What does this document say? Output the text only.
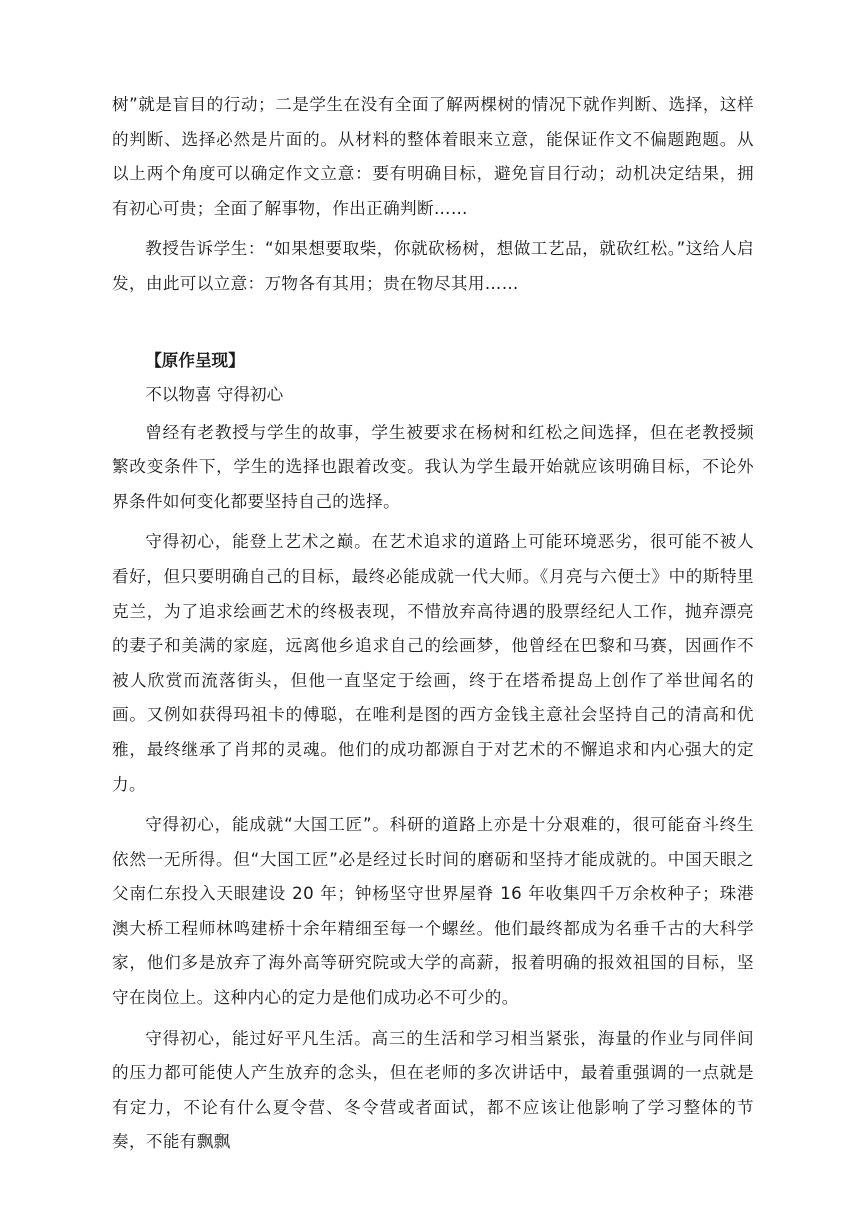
树”就是盲目的行动；二是学生在没有全面了解两棵树的情况下就作判断、选择，这样的判断、选择必然是片面的。从材料的整体着眼来立意，能保证作文不偏题跑题。从以上两个角度可以确定作文立意：要有明确目标，避免盲目行动；动机决定结果，拥有初心可贵；全面了解事物，作出正确判断……

教授告诉学生：“如果想要取柴，你就砍杨树，想做工艺品，就砍红松。”这给人启发，由此可以立意：万物各有其用；贵在物尽其用……

【原作呈现】

不以物喜 守得初心

曾经有老教授与学生的故事，学生被要求在杨树和红松之间选择，但在老教授频繁改变条件下，学生的选择也跟着改变。我认为学生最开始就应该明确目标，不论外界条件如何变化都要坚持自己的选择。

守得初心，能登上艺术之巅。在艺术追求的道路上可能环境恶劣，很可能不被人看好，但只要明确自己的目标，最终必能成就一代大师。《月亮与六便士》中的斯特里克兰，为了追求绘画艺术的终极表现，不惜放弃高待遇的股票经纪人工作，抛弃漂亮的妻子和美满的家庭，远离他乡追求自己的绘画梦，他曾经在巴黎和马赛，因画作不被人欣赏而流落街头，但他一直坚定于绘画，终于在塔希提岛上创作了举世闻名的画。又例如获得玛祖卡的傅聪，在唯利是图的西方金钱主意社会坚持自己的清高和优雅，最终继承了肖邦的灵魂。他们的成功都源自于对艺术的不懈追求和内心强大的定力。

守得初心，能成就“大国工匠”。科研的道路上亦是十分艰难的，很可能奋斗终生依然一无所得。但“大国工匠”必是经过长时间的磨砺和坚持才能成就的。中国天眼之父南仁东投入天眼建设 20 年；钟杨坚守世界屋脊 16 年收集四千万余枚种子；珠港澳大桥工程师林鸣建桥十余年精细至每一个螺丝。他们最终都成为名垂千古的大科学家，他们多是放弃了海外高等研究院或大学的高薪，报着明确的报效祖国的目标，坚守在岗位上。这种内心的定力是他们成功必不可少的。

守得初心，能过好平凡生活。高三的生活和学习相当紧张，海量的作业与同伴间的压力都可能使人产生放弃的念头，但在老师的多次讲话中，最着重强调的一点就是有定力，不论有什么夏令营、冬令营或者面试，都不应该让他影响了学习整体的节奏，不能有飘飘
